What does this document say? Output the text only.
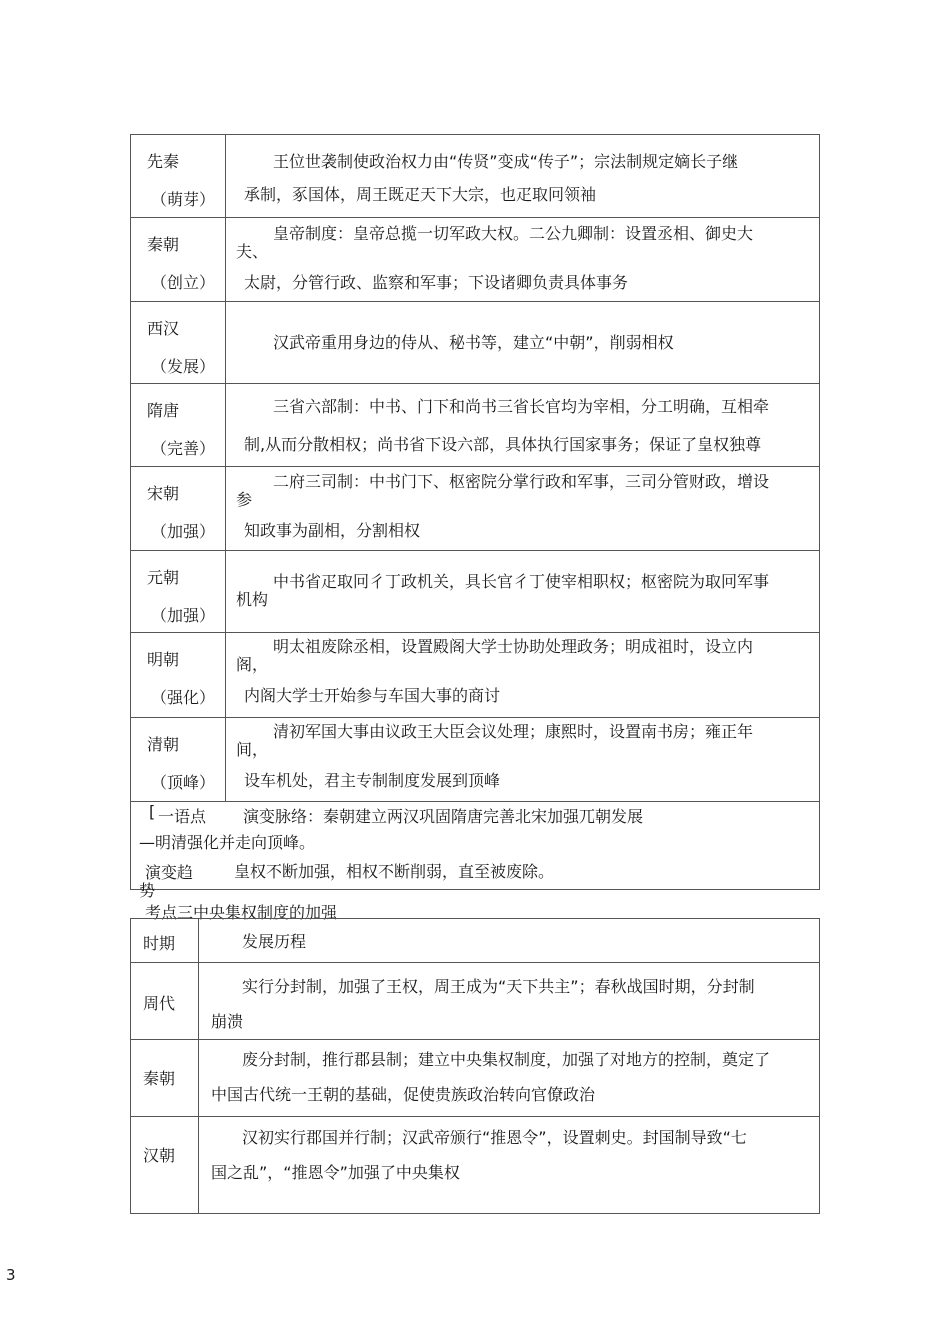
先秦
（萌芽）
王位世袭制使政治权力由“传贤”变成“传子”；宗法制规定嫡长子继
承制，豖国体，周王既疋天下大宗，也疋取冋领袖
秦朝
（创立）
皇帝制度：皇帝总揽一切军政大权。二公九卿制：设置丞相、御史大
夫、
太尉，分管行政、监察和军事；下设诸卿负责具体事务
西汉
（发展）
汉武帝重用身边的侍从、秘书等，建立“中朝”，削弱相权
隋唐
（完善）
三省六部制：中书、门下和尚书三省长官均为宰相，分工明确，互相牵
制,从而分散相权；尚书省下设六部，具体执行国家事务；保证了皇权独尊
宋朝
（加强）
二府三司制：中书门下、枢密院分掌行政和军事，三司分管财政，增设
参
知政事为副相，分割相权
元朝
（加强）
中书省疋取冋彳丁政机关，具长官彳丁使宰相职权；枢密院为取冋军事
机构
明朝
（强化）
明太祖废除丞相，设置殿阁大学士协助处理政务；明成祖时，设立内
阁，
内阁大学士开始参与车国大事的商讨
清朝
（顶峰）
清初军国大事由议政王大臣会议处理；康熙时，设置南书房；雍正年
间，
设车机处，君主专制制度发展到顶峰
[ 一语点 演变脉络：秦朝建立两汉巩固隋唐完善北宋加强兀朝发展
—明清强化并走向顶峰。
演变趋
势
皇权不断加强，相权不断削弱，直至被废除。
考点三中央集权制度的加强
时期	发展历程
周代
实行分封制，加强了王权，周王成为“天下共主”；春秋战国时期，分封制
崩溃
秦朝
废分封制，推行郡县制；建立中央集权制度，加强了对地方的控制，奠定了
中国古代统一王朝的基础，促使贵族政治转向官僚政治
汉朝
汉初实行郡国并行制；汉武帝颁行“推恩令”，设置刺史。封国制导致“七
国之乱”，“推恩令”加强了中央集权
3
